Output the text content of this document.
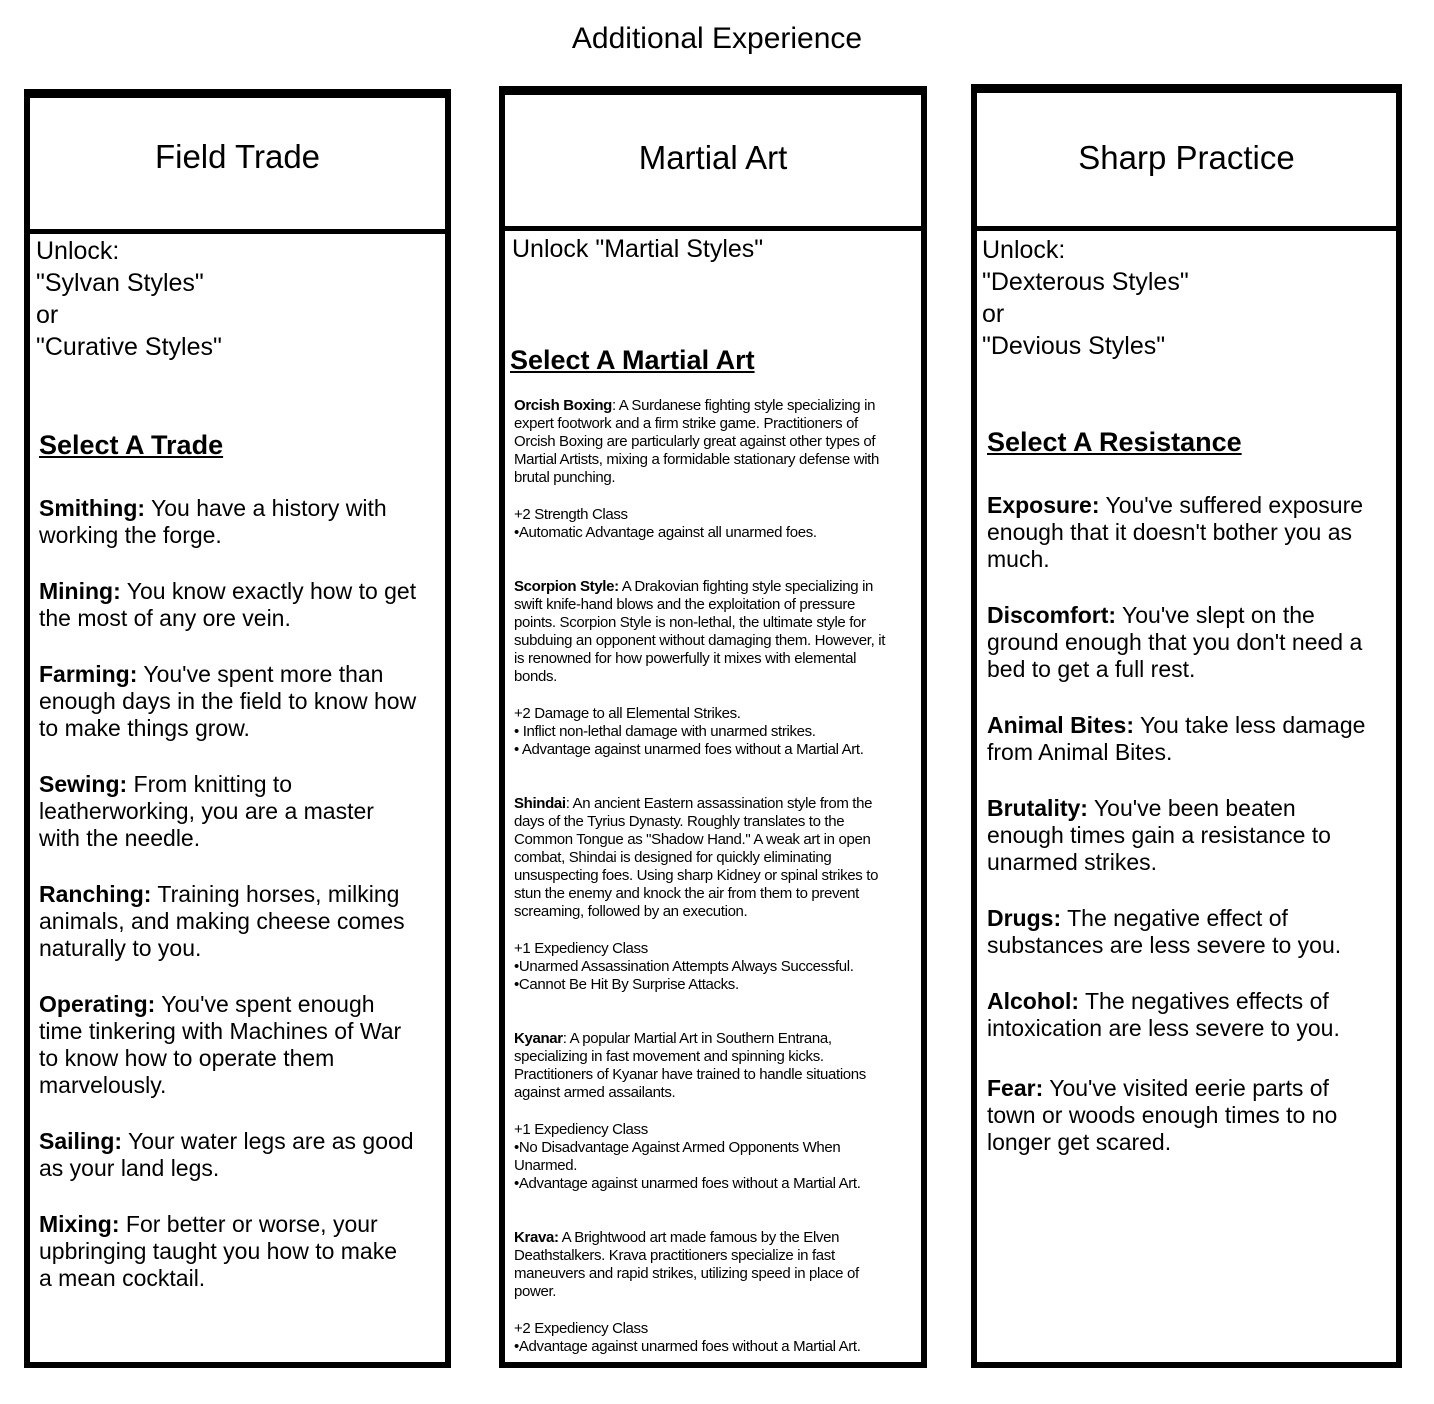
Additional Experience
Field Trade
Unlock:
"Sylvan Styles"
or
"Curative Styles"
Select A Trade
Smithing: You have a history with
working the forge.
Mining: You know exactly how to get
the most of any ore vein.
Farming: You've spent more than
enough days in the field to know how
to make things grow.
Sewing: From knitting to
leatherworking, you are a master
with the needle.
Ranching: Training horses, milking
animals, and making cheese comes
naturally to you.
Operating: You've spent enough
time tinkering with Machines of War
to know how to operate them
marvelously.
Sailing: Your water legs are as good
as your land legs.
Mixing: For better or worse, your
upbringing taught you how to make
a mean cocktail.
Martial Art
Unlock "Martial Styles"
Select A Martial Art
Orcish Boxing: A Surdanese fighting style specializing in
expert footwork and a firm strike game. Practitioners of
Orcish Boxing are particularly great against other types of
Martial Artists, mixing a formidable stationary defense with
brutal punching.
+2 Strength Class
•Automatic Advantage against all unarmed foes.
Scorpion Style: A Drakovian fighting style specializing in
swift knife-hand blows and the exploitation of pressure
points. Scorpion Style is non-lethal, the ultimate style for
subduing an opponent without damaging them. However, it
is renowned for how powerfully it mixes with elemental
bonds.
+2 Damage to all Elemental Strikes.
• Inflict non-lethal damage with unarmed strikes.
• Advantage against unarmed foes without a Martial Art.
Shindai: An ancient Eastern assassination style from the
days of the Tyrius Dynasty. Roughly translates to the
Common Tongue as "Shadow Hand." A weak art in open
combat, Shindai is designed for quickly eliminating
unsuspecting foes. Using sharp Kidney or spinal strikes to
stun the enemy and knock the air from them to prevent
screaming, followed by an execution.
+1 Expediency Class
•Unarmed Assassination Attempts Always Successful.
•Cannot Be Hit By Surprise Attacks.
Kyanar: A popular Martial Art in Southern Entrana,
specializing in fast movement and spinning kicks.
Practitioners of Kyanar have trained to handle situations
against armed assailants.
+1 Expediency Class
•No Disadvantage Against Armed Opponents When
Unarmed.
•Advantage against unarmed foes without a Martial Art.
Krava: A Brightwood art made famous by the Elven
Deathstalkers. Krava practitioners specialize in fast
maneuvers and rapid strikes, utilizing speed in place of
power.
+2 Expediency Class
•Advantage against unarmed foes without a Martial Art.
Sharp Practice
Unlock:
"Dexterous Styles"
or
"Devious Styles"
Select A Resistance
Exposure: You've suffered exposure
enough that it doesn't bother you as
much.
Discomfort: You've slept on the
ground enough that you don't need a
bed to get a full rest.
Animal Bites: You take less damage
from Animal Bites.
Brutality: You've been beaten
enough times gain a resistance to
unarmed strikes.
Drugs: The negative effect of
substances are less severe to you.
Alcohol: The negatives effects of
intoxication are less severe to you.
Fear: You've visited eerie parts of
town or woods enough times to no
longer get scared.
